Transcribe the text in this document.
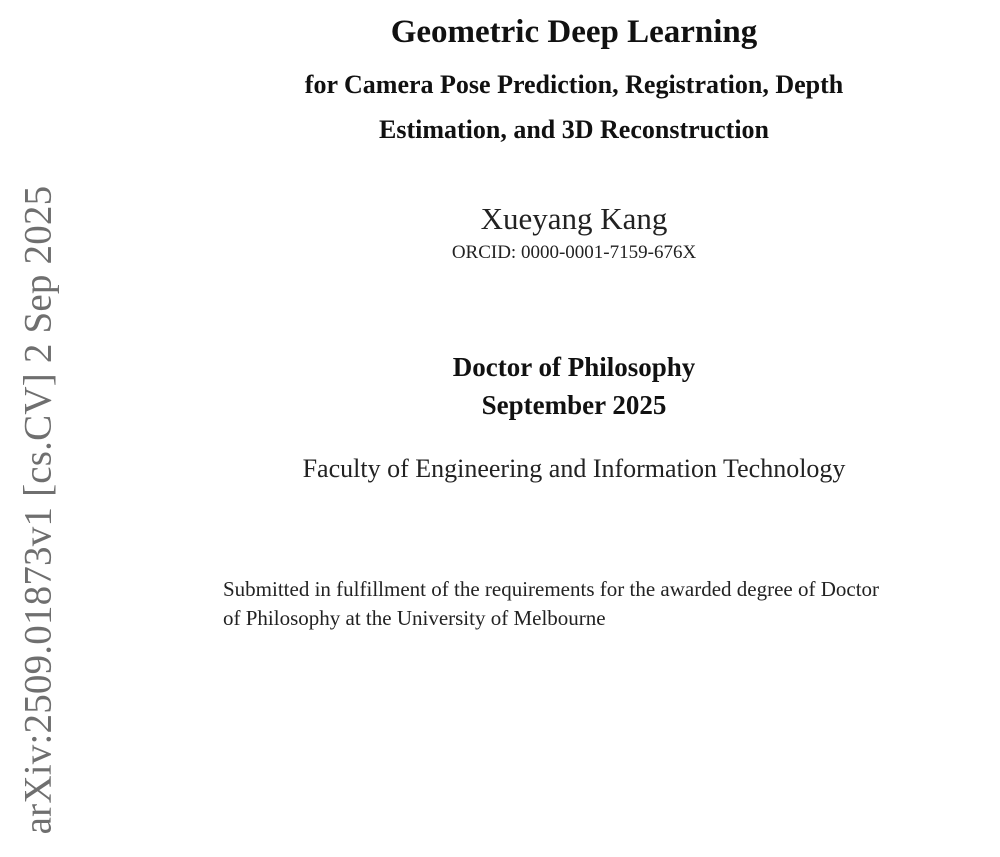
arXiv:2509.01873v1 [cs.CV] 2 Sep 2025
Geometric Deep Learning
for Camera Pose Prediction, Registration, Depth
Estimation, and 3D Reconstruction
Xueyang Kang
ORCID: 0000-0001-7159-676X
Doctor of Philosophy
September 2025
Faculty of Engineering and Information Technology
Submitted in fulfillment of the requirements for the awarded degree of Doctor
of Philosophy at the University of Melbourne
